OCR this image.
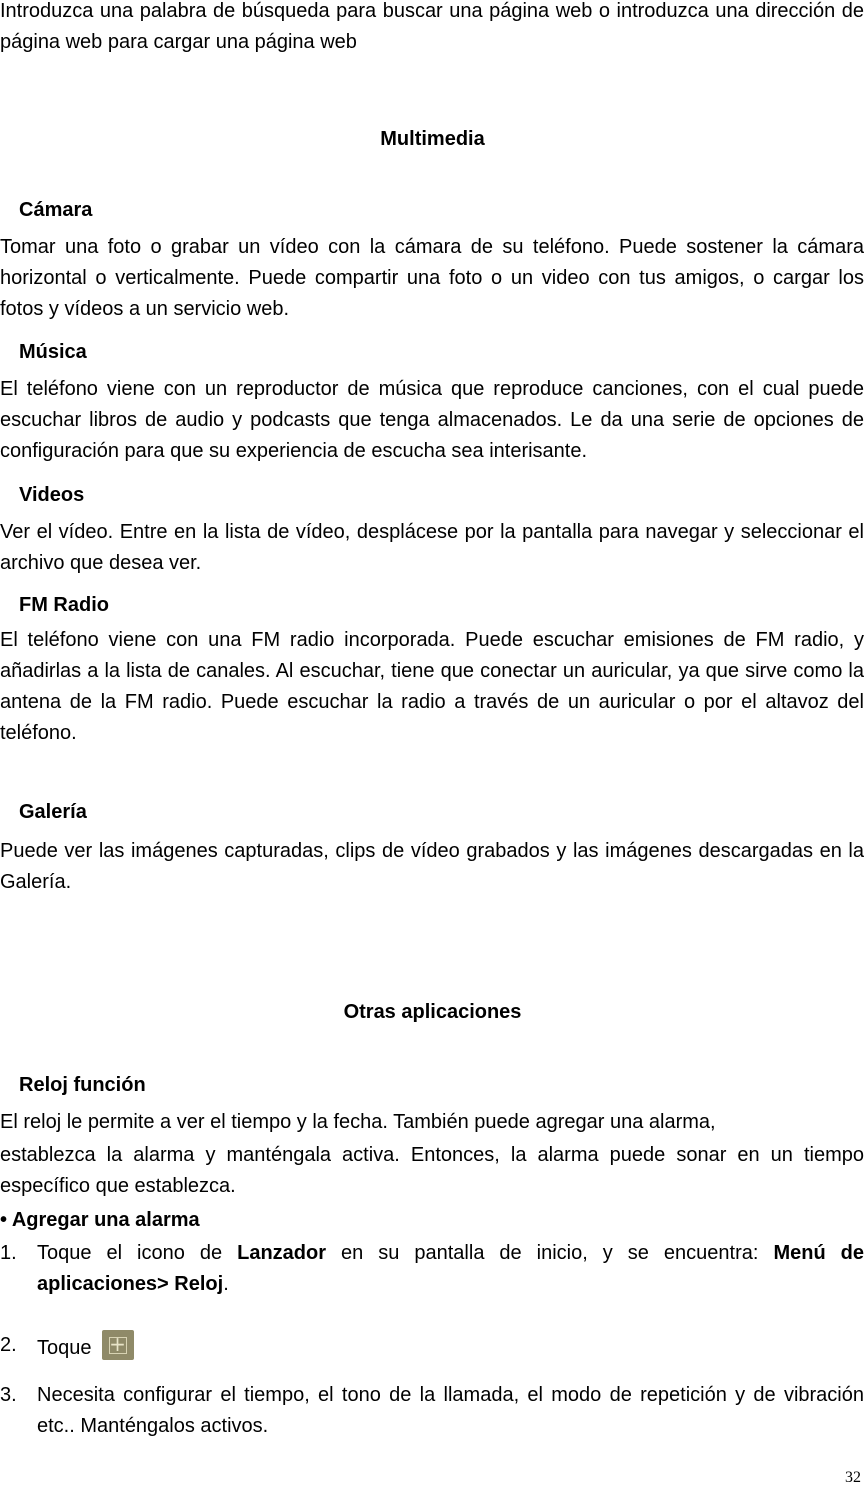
Introduzca una palabra de búsqueda para buscar una página web o introduzca una dirección de página web para cargar una página web

Multimedia
Cámara

Tomar una foto o grabar un vídeo con la cámara de su teléfono. Puede sostener la cámara horizontal o verticalmente. Puede compartir una foto o un video con tus amigos, o cargar los fotos y vídeos a un servicio web.

Música

El teléfono viene con un reproductor de música que reproduce canciones, con el cual puede escuchar libros de audio y podcasts que tenga almacenados. Le da una serie de opciones de configuración para que su experiencia de escucha sea interisante.

Videos

Ver el vídeo. Entre en la lista de vídeo, desplácese por la pantalla para navegar y seleccionar el archivo que desea ver.

FM Radio

El teléfono viene con una FM radio incorporada. Puede escuchar emisiones de FM radio, y añadirlas a la lista de canales. Al escuchar, tiene que conectar un auricular, ya que sirve como la antena de la FM radio. Puede escuchar la radio a través de un auricular o por el altavoz del teléfono.

Galería

Puede ver las imágenes capturadas, clips de vídeo grabados y las imágenes descargadas en la Galería.

Otras aplicaciones
Reloj función

El reloj le permite a ver el tiempo y la fecha. También puede agregar una alarma,

establezca la alarma y manténgala activa. Entonces, la alarma puede sonar en un tiempo específico que establezca.

• Agregar una alarma

1. Toque el icono de Lanzador en su pantalla de inicio, y se encuentra: Menú de aplicaciones> Reloj.
2. Toque+
3. Necesita configurar el tiempo, el tono de la llamada, el modo de repetición y de vibración etc.. Manténgalos activos.
32
